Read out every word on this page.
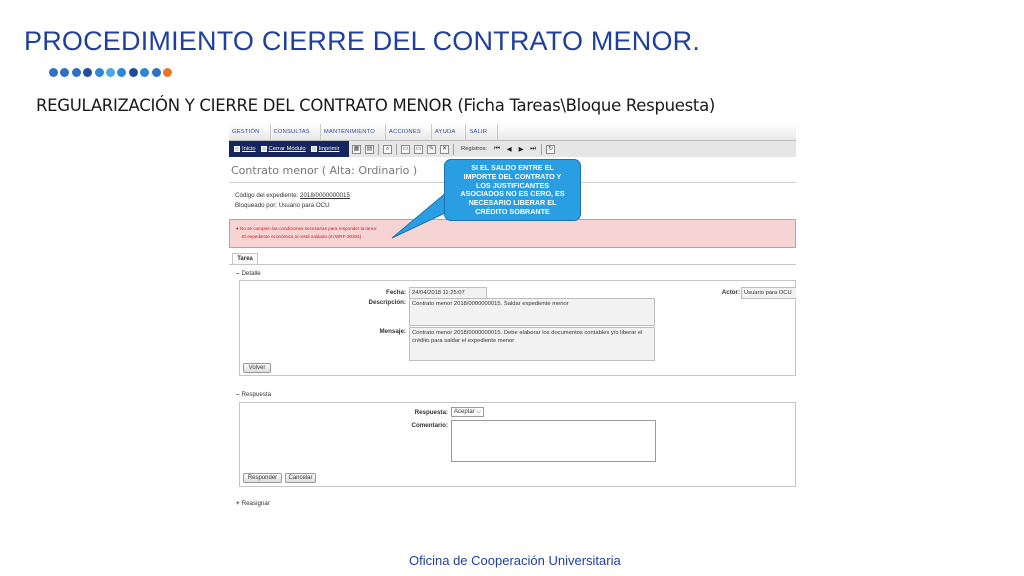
PROCEDIMIENTO CIERRE DEL CONTRATO MENOR.
REGULARIZACIÓN Y CIERRE DEL CONTRATO MENOR (Ficha Tareas\Bloque Respuesta)
GESTIÓN	CONSULTAS	MANTENIMIENTO	ACCIONES	AYUDA	SALIR
Inicio Cerrar Módulo Imprimir ▦ ▤	⌕	▭ ▭	✎	✕	Registros: ⏮ ◀ ▶ ⏭	↻
Contrato menor ( Alta: Ordinario )
Código del expediente: 2018/0000000015
Bloqueado por: Usuario para OCU
● No se cumplen las condiciones necesarias para responder la tarea:
El expediente económico no está saldado (m:WRF-30304)
Tarea
– Detalle
Fecha:	24/04/2018 11:25:07	Actor: Usuario para OCU
Descripción:	Contrato menor 2018/0000000015. Saldar expediente menor
Mensaje:	Contrato menor 2018/0000000015. Debe elaborar los documentos contables y/o liberar el crédito para saldar el expediente menor
Volver
– Respuesta
Respuesta:	Aceptar ⌵
Comentario:
Responder	Cancelar
+ Reasignar
SI EL SALDO ENTRE EL
IMPORTE DEL CONTRATO Y
LOS JUSTIFICANTES
ASOCIADOS NO ES CERO, ES
NECESARIO LIBERAR EL
CRÉDITO SOBRANTE
Oficina de Cooperación Universitaria
